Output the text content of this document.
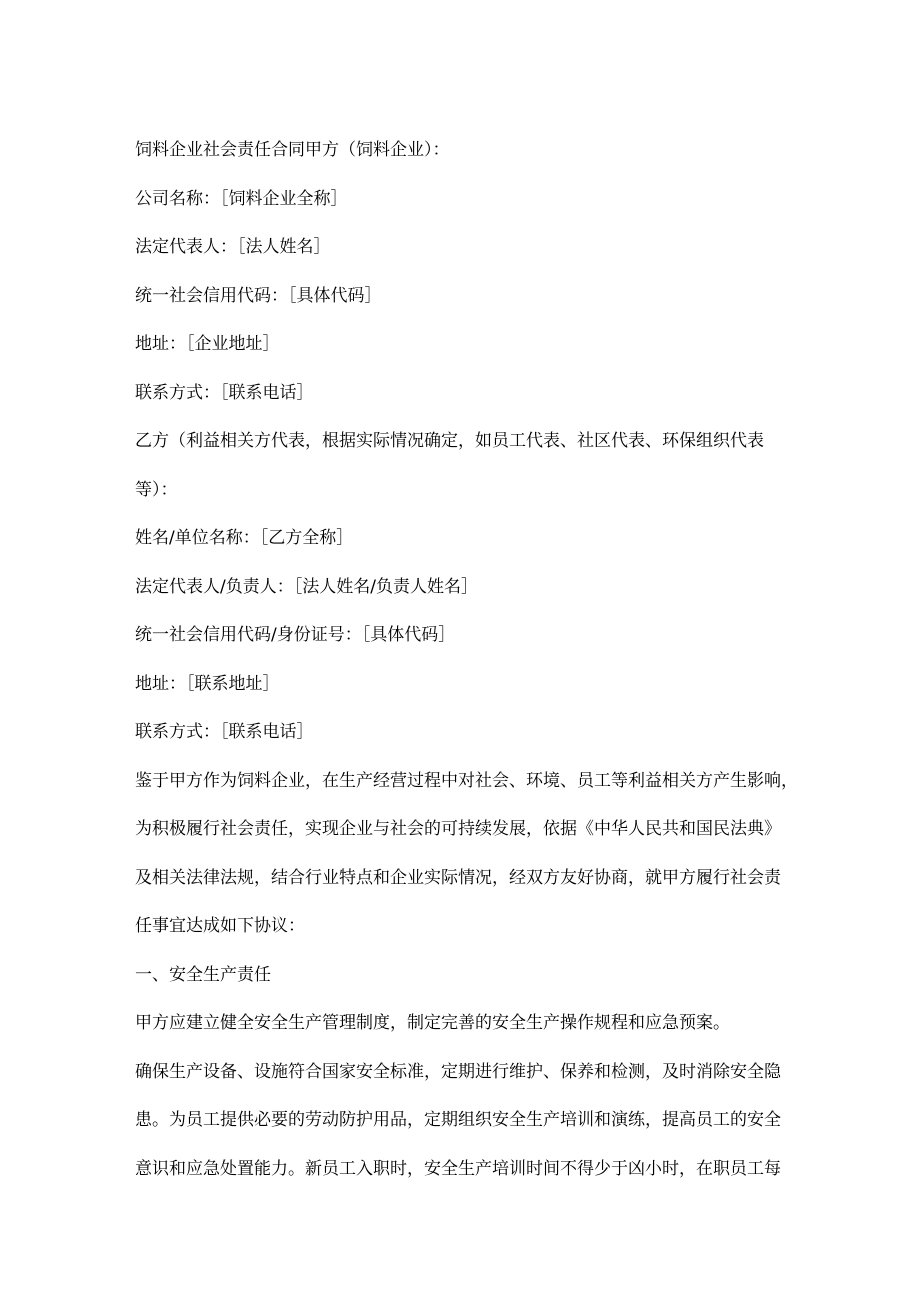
饲料企业社会责任合同甲方（饲料企业）：
公司名称：［饲料企业全称］
法定代表人：［法人姓名］
统一社会信用代码：［具体代码］
地址：［企业地址］
联系方式：［联系电话］
乙方（利益相关方代表，根据实际情况确定，如员工代表、社区代表、环保组织代表
等）：
姓名/单位名称：［乙方全称］
法定代表人/负责人：［法人姓名/负责人姓名］
统一社会信用代码/身份证号：［具体代码］
地址：［联系地址］
联系方式：［联系电话］
鉴于甲方作为饲料企业，在生产经营过程中对社会、环境、员工等利益相关方产生影响，
为积极履行社会责任，实现企业与社会的可持续发展，依据《中华人民共和国民法典》
及相关法律法规，结合行业特点和企业实际情况，经双方友好协商，就甲方履行社会责
任事宜达成如下协议：
一、安全生产责任
甲方应建立健全安全生产管理制度，制定完善的安全生产操作规程和应急预案。
确保生产设备、设施符合国家安全标准，定期进行维护、保养和检测，及时消除安全隐
患。为员工提供必要的劳动防护用品，定期组织安全生产培训和演练，提高员工的安全
意识和应急处置能力。新员工入职时，安全生产培训时间不得少于凶小时，在职员工每
